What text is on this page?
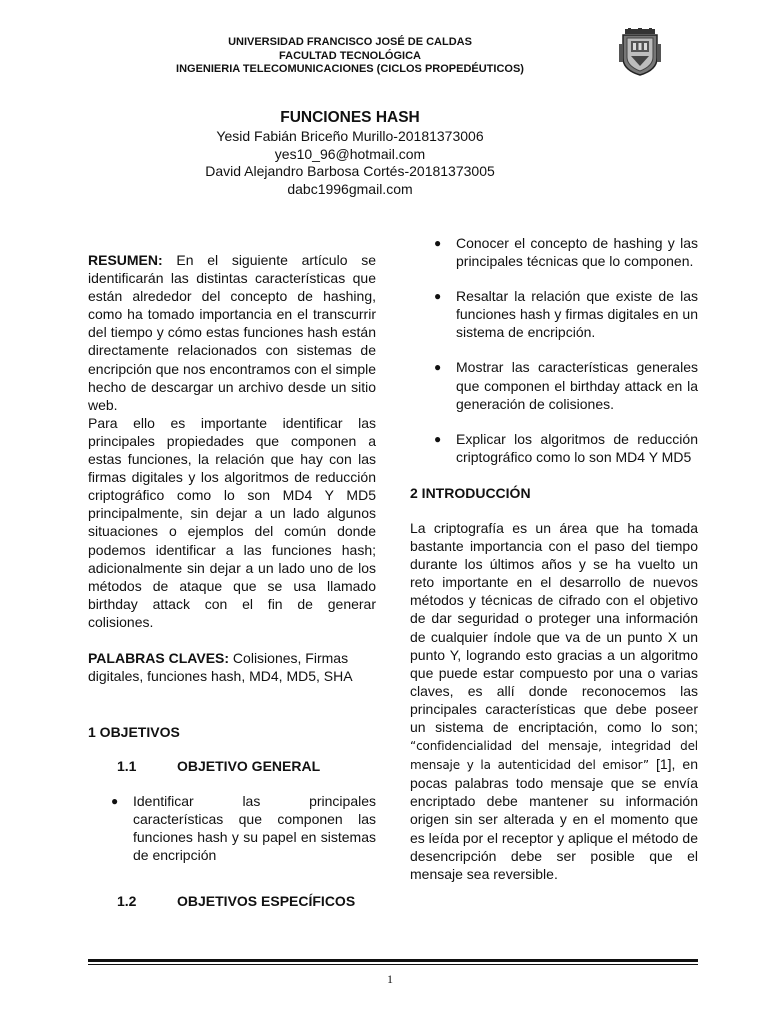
UNIVERSIDAD FRANCISCO JOSÉ DE CALDAS
FACULTAD TECNOLÓGICA
INGENIERIA TELECOMUNICACIONES (CICLOS PROPEDÉUTICOS)
FUNCIONES HASH
Yesid Fabián Briceño Murillo-20181373006
yes10_96@hotmail.com
David Alejandro Barbosa Cortés-20181373005
dabc1996gmail.com

RESUMEN: En el siguiente artículo se identificarán las distintas características que están alrededor del concepto de hashing, como ha tomado importancia en el transcurrir del tiempo y cómo estas funciones hash están directamente relacionados con sistemas de encripción que nos encontramos con el simple hecho de descargar un archivo desde un sitio web.

Para ello es importante identificar las principales propiedades que componen a estas funciones, la relación que hay con las firmas digitales y los algoritmos de reducción criptográfico como lo son MD4 Y MD5 principalmente, sin dejar a un lado algunos situaciones o ejemplos del común donde podemos identificar a las funciones hash; adicionalmente sin dejar a un lado uno de los métodos de ataque que se usa llamado birthday attack con el fin de generar colisiones.

PALABRAS CLAVES: Colisiones, Firmas digitales, funciones hash, MD4, MD5, SHA

1 OBJETIVOS
1.1	OBJETIVO GENERAL
● Identificar las principales características que componen las funciones hash y su papel en sistemas de encripción
1.2	OBJETIVOS ESPECÍFICOS
● Conocer el concepto de hashing y las principales técnicas que lo componen.
● Resaltar la relación que existe de las funciones hash y firmas digitales en un sistema de encripción.
● Mostrar las características generales que componen el birthday attack en la generación de colisiones.
● Explicar los algoritmos de reducción criptográfico como lo son MD4 Y MD5
2 INTRODUCCIÓN

La criptografía es un área que ha tomada bastante importancia con el paso del tiempo durante los últimos años y se ha vuelto un reto importante en el desarrollo de nuevos métodos y técnicas de cifrado con el objetivo de dar seguridad o proteger una información de cualquier índole que va de un punto X un punto Y, logrando esto gracias a un algoritmo que puede estar compuesto por una o varias claves, es allí donde reconocemos las principales características que debe poseer un sistema de encriptación, como lo son; “confidencialidad del mensaje, integridad del mensaje y la autenticidad del emisor” [1], en pocas palabras todo mensaje que se envía encriptado debe mantener su información origen sin ser alterada y en el momento que es leída por el receptor y aplique el método de desencripción debe ser posible que el mensaje sea reversible.

1
